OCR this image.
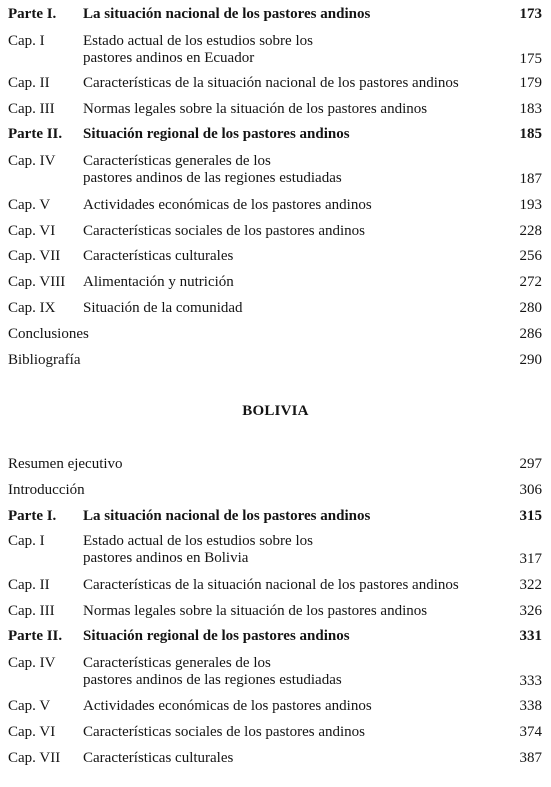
Parte I. La situación nacional de los pastores andinos	173
Cap. I	Estado actual de los estudios sobre los
pastores andinos en Ecuador	175
Cap. II Características de la situación nacional de los pastores andinos	179
Cap. III Normas legales sobre la situación de los pastores andinos	183
Parte II. Situación regional de los pastores andinos	185
Cap. IV Características generales de los
pastores andinos de las regiones estudiadas	187
Cap. V Actividades económicas de los pastores andinos	193
Cap. VI Características sociales de los pastores andinos	228
Cap. VII Características culturales	256
Cap. VIII Alimentación y nutrición	272
Cap. IX Situación de la comunidad	280
Conclusiones	286
Bibliografía	290
BOLIVIA
Resumen ejecutivo	297
Introducción	306
Parte I. La situación nacional de los pastores andinos	315
Cap. I	Estado actual de los estudios sobre los
pastores andinos en Bolivia	317
Cap. II Características de la situación nacional de los pastores andinos	322
Cap. III Normas legales sobre la situación de los pastores andinos	326
Parte II. Situación regional de los pastores andinos	331
Cap. IV Características generales de los
pastores andinos de las regiones estudiadas	333
Cap. V Actividades económicas de los pastores andinos	338
Cap. VI Características sociales de los pastores andinos	374
Cap. VII Características culturales	387
